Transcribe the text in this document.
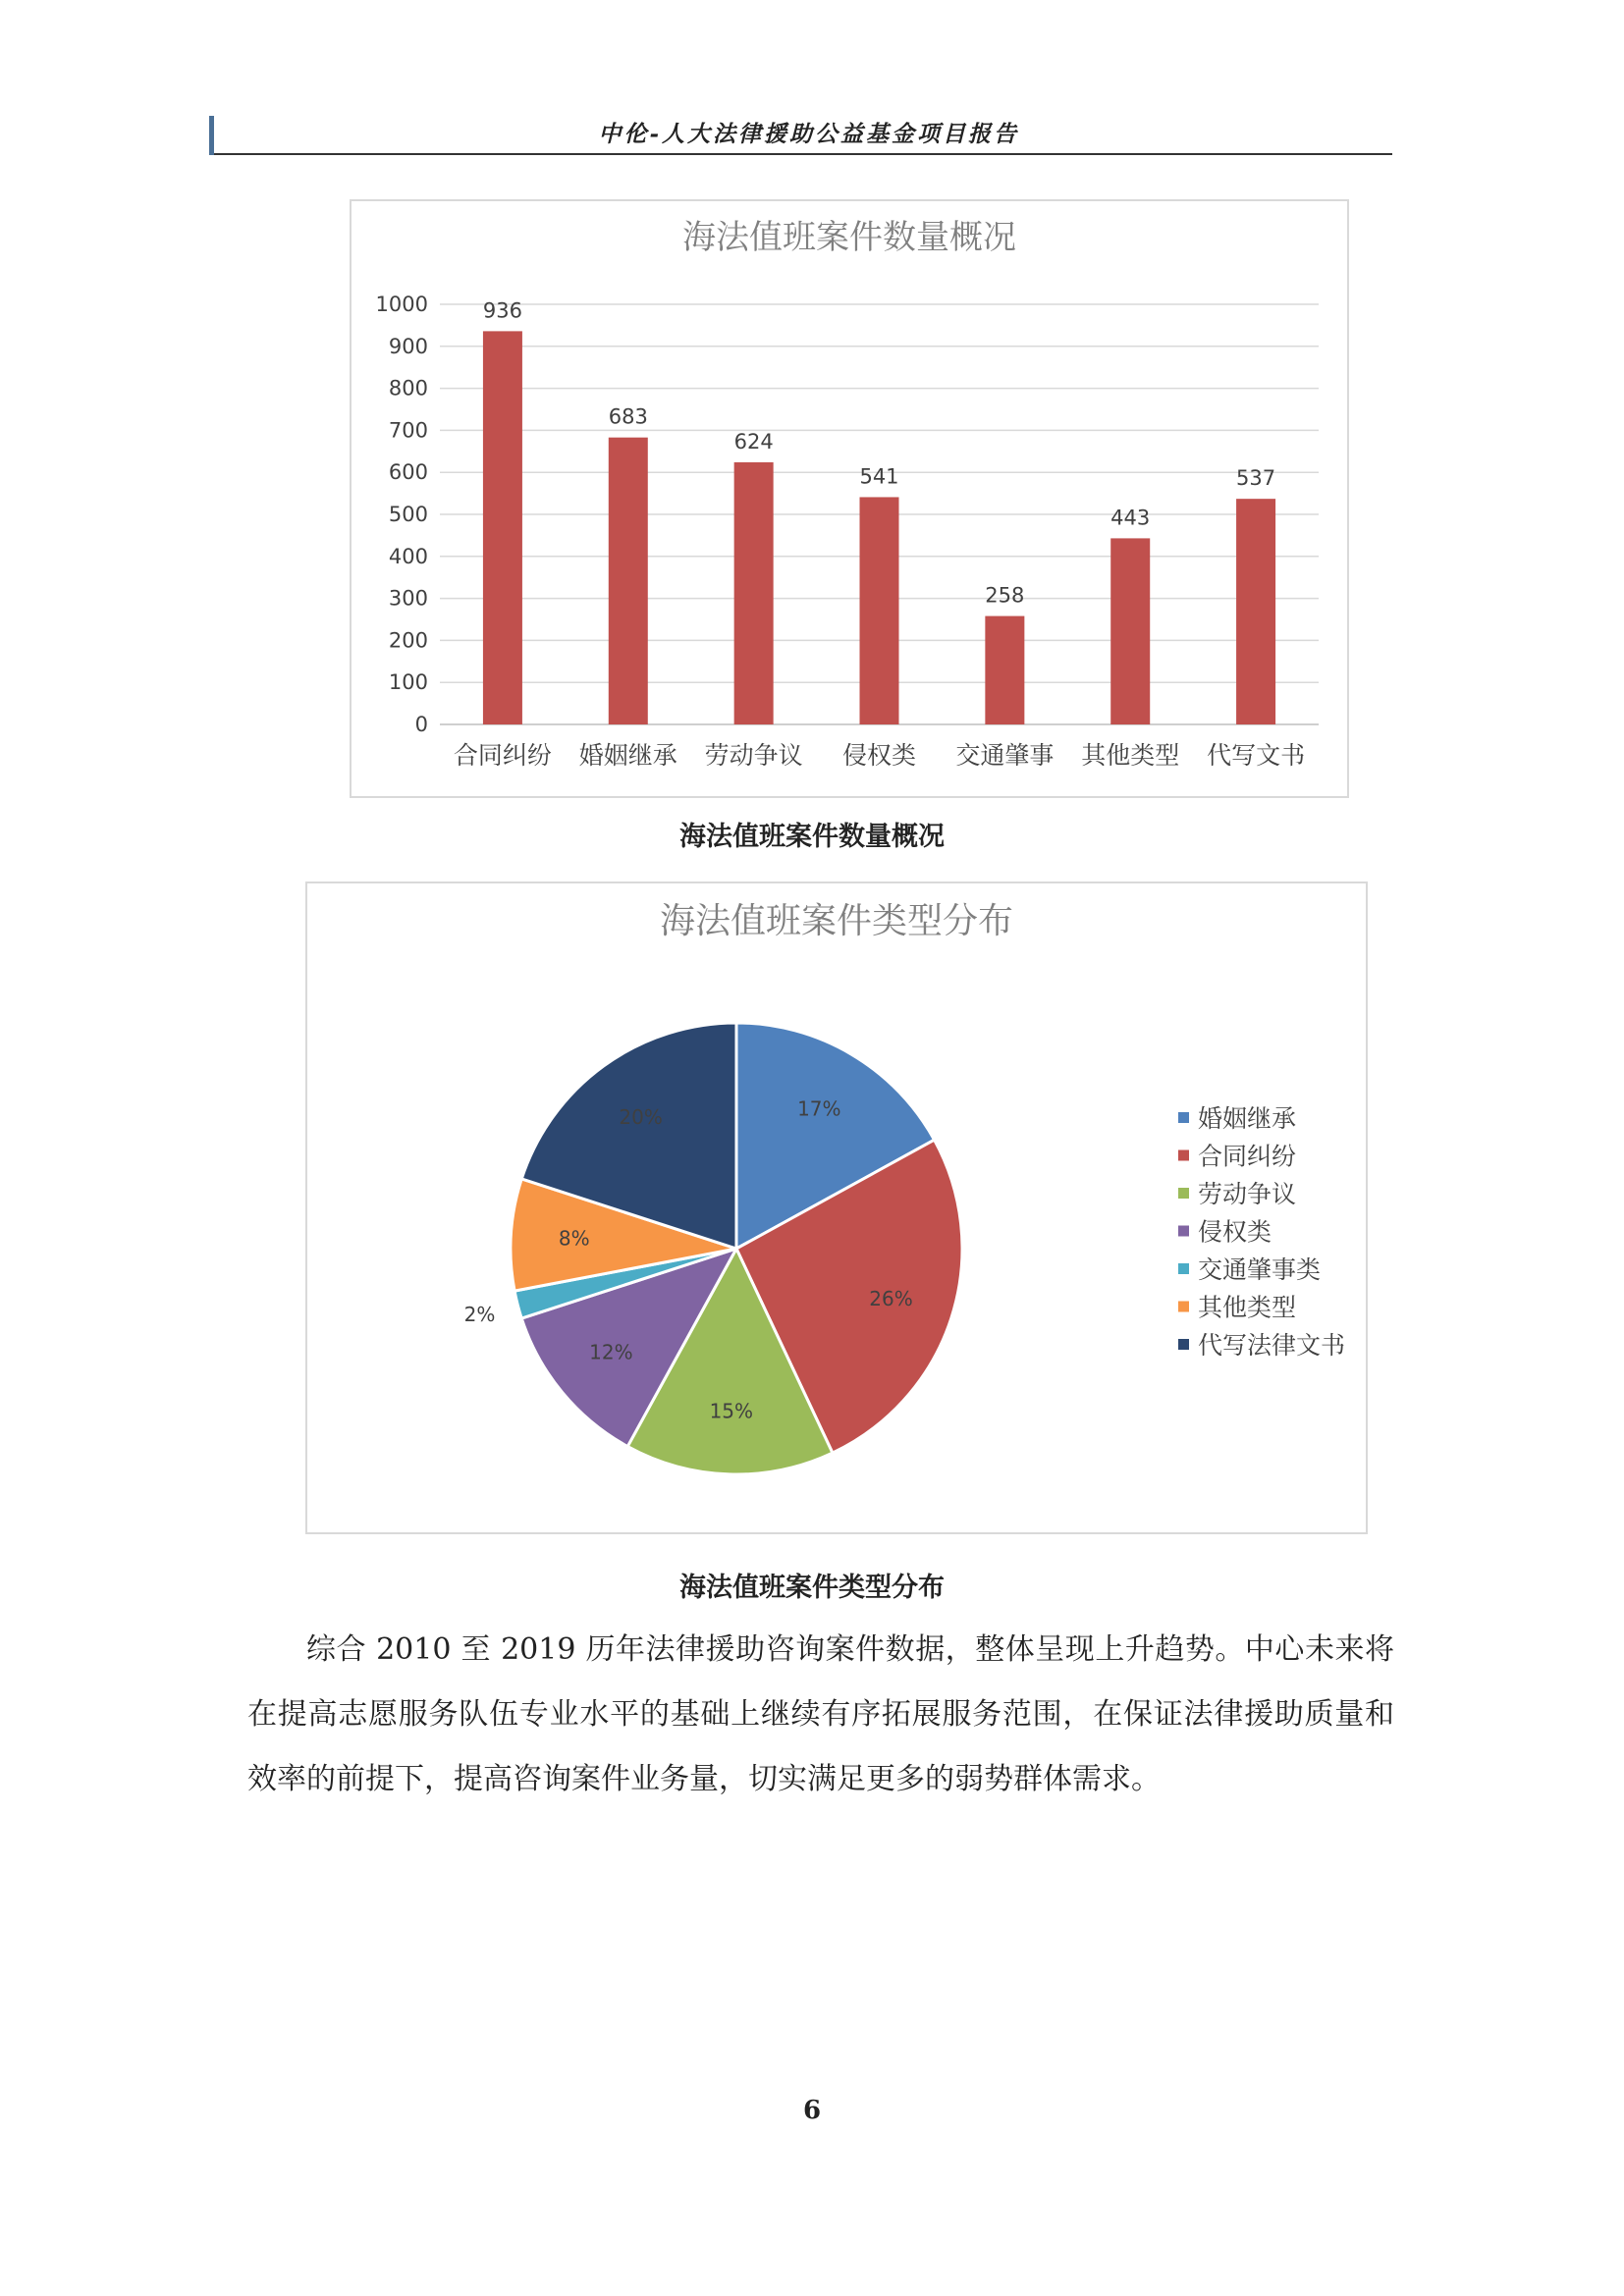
中伦-人大法律援助公益基金项目报告
海法值班案件数量概况
0
100
200
300
400
500
600
700
800
900
1000	936
合同纠纷
683
婚姻继承
624
劳动争议
541
侵权类
258
交通肇事
443
其他类型
537
代写文书
海法值班案件数量概况
海法值班案件类型分布
17%
26%
15%
12%
2%
8%
20%	婚姻继承
合同纠纷
劳动争议
侵权类
交通肇事类
其他类型
代写法律文书
海法值班案件类型分布
综合 2010 至 2019 历年法律援助咨询案件数据，整体呈现上升趋势。中心未来将在提高志愿服务队伍专业水平的基础上继续有序拓展服务范围，在保证法律援助质量和效率的前提下，提高咨询案件业务量，切实满足更多的弱势群体需求。
6
